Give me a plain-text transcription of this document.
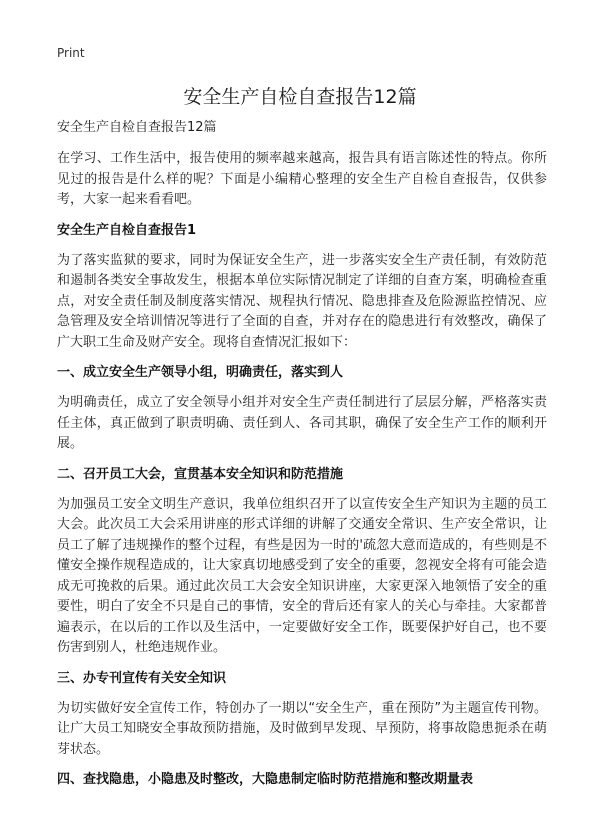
Print
安全生产自检自查报告12篇
安全生产自检自查报告12篇

在学习、工作生活中，报告使用的频率越来越高，报告具有语言陈述性的特点。你所见过的报告是什么样的呢？下面是小编精心整理的安全生产自检自查报告，仅供参考，大家一起来看看吧。

安全生产自检自查报告1

为了落实监狱的要求，同时为保证安全生产，进一步落实安全生产责任制，有效防范和遏制各类安全事故发生，根据本单位实际情况制定了详细的自查方案，明确检查重点，对安全责任制及制度落实情况、规程执行情况、隐患排查及危险源监控情况、应急管理及安全培训情况等进行了全面的自查，并对存在的隐患进行有效整改，确保了广大职工生命及财产安全。现将自查情况汇报如下：

一、成立安全生产领导小组，明确责任，落实到人

为明确责任，成立了安全领导小组并对安全生产责任制进行了层层分解，严格落实责任主体，真正做到了职责明确、责任到人、各司其职，确保了安全生产工作的顺利开展。

二、召开员工大会，宣贯基本安全知识和防范措施

为加强员工安全文明生产意识，我单位组织召开了以宣传安全生产知识为主题的员工大会。此次员工大会采用讲座的形式详细的讲解了交通安全常识、生产安全常识，让员工了解了违规操作的整个过程，有些是因为一时的'疏忽大意而造成的，有些则是不懂安全操作规程造成的，让大家真切地感受到了安全的重要，忽视安全将有可能会造成无可挽救的后果。通过此次员工大会安全知识讲座，大家更深入地领悟了安全的重要性，明白了安全不只是自己的事情，安全的背后还有家人的关心与牵挂。大家都普遍表示，在以后的工作以及生活中，一定要做好安全工作，既要保护好自己，也不要伤害到别人，杜绝违规作业。

三、办专刊宣传有关安全知识

为切实做好安全宣传工作，特创办了一期以“安全生产，重在预防”为主题宣传刊物。让广大员工知晓安全事故预防措施，及时做到早发现、早预防，将事故隐患扼杀在萌芽状态。

四、查找隐患，小隐患及时整改，大隐患制定临时防范措施和整改期量表
